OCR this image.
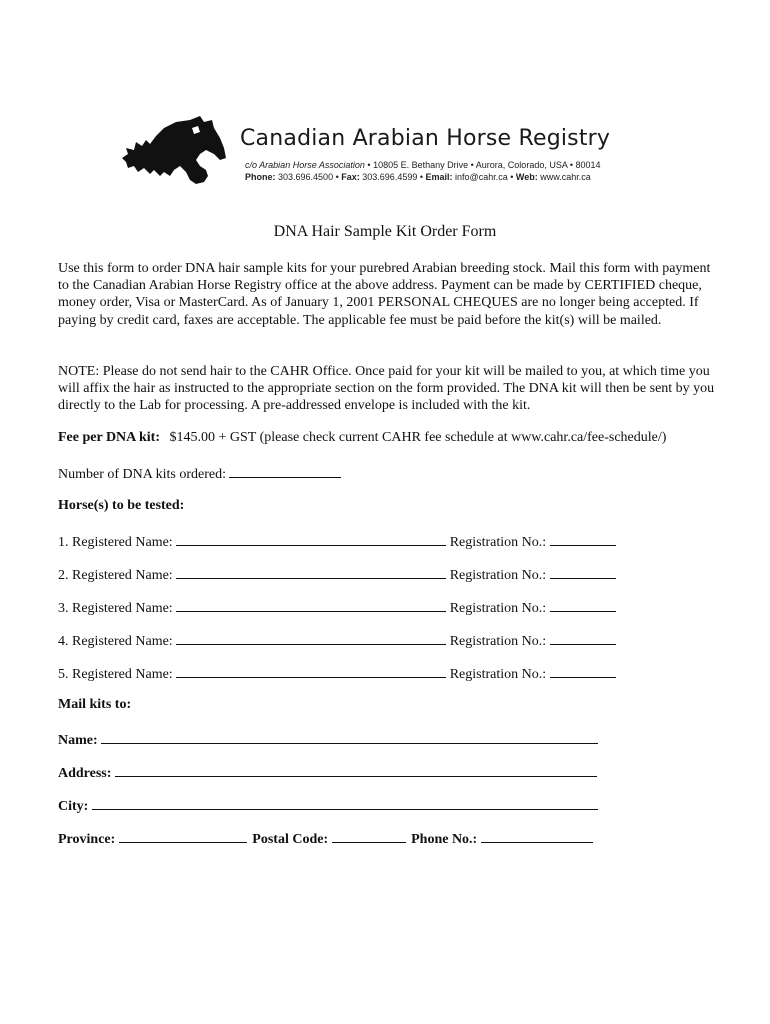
Canadian Arabian Horse Registry
c/o Arabian Horse Association • 10805 E. Bethany Drive • Aurora, Colorado, USA • 80014
Phone: 303.696.4500 • Fax: 303.696.4599 • Email: info@cahr.ca • Web: www.cahr.ca
DNA Hair Sample Kit Order Form

Use this form to order DNA hair sample kits for your purebred Arabian breeding stock. Mail this form with payment to the Canadian Arabian Horse Registry office at the above address. Payment can be made by CERTIFIED cheque, money order, Visa or MasterCard. As of January 1, 2001 PERSONAL CHEQUES are no longer being accepted. If paying by credit card, faxes are acceptable. The applicable fee must be paid before the kit(s) will be mailed.

NOTE: Please do not send hair to the CAHR Office. Once paid for your kit will be mailed to you, at which time you will affix the hair as instructed to the appropriate section on the form provided. The DNA kit will then be sent by you directly to the Lab for processing. A pre-addressed envelope is included with the kit.

Fee per DNA kit: $145.00 + GST (please check current CAHR fee schedule at www.cahr.ca/fee-schedule/)
Number of DNA kits ordered:
Horse(s) to be tested:
1. Registered Name:	Registration No.:
2. Registered Name:	Registration No.:
3. Registered Name:	Registration No.:
4. Registered Name:	Registration No.:
5. Registered Name:	Registration No.:
Mail kits to:
Name:
Address:
City:
Province:	Postal Code:	Phone No.:
